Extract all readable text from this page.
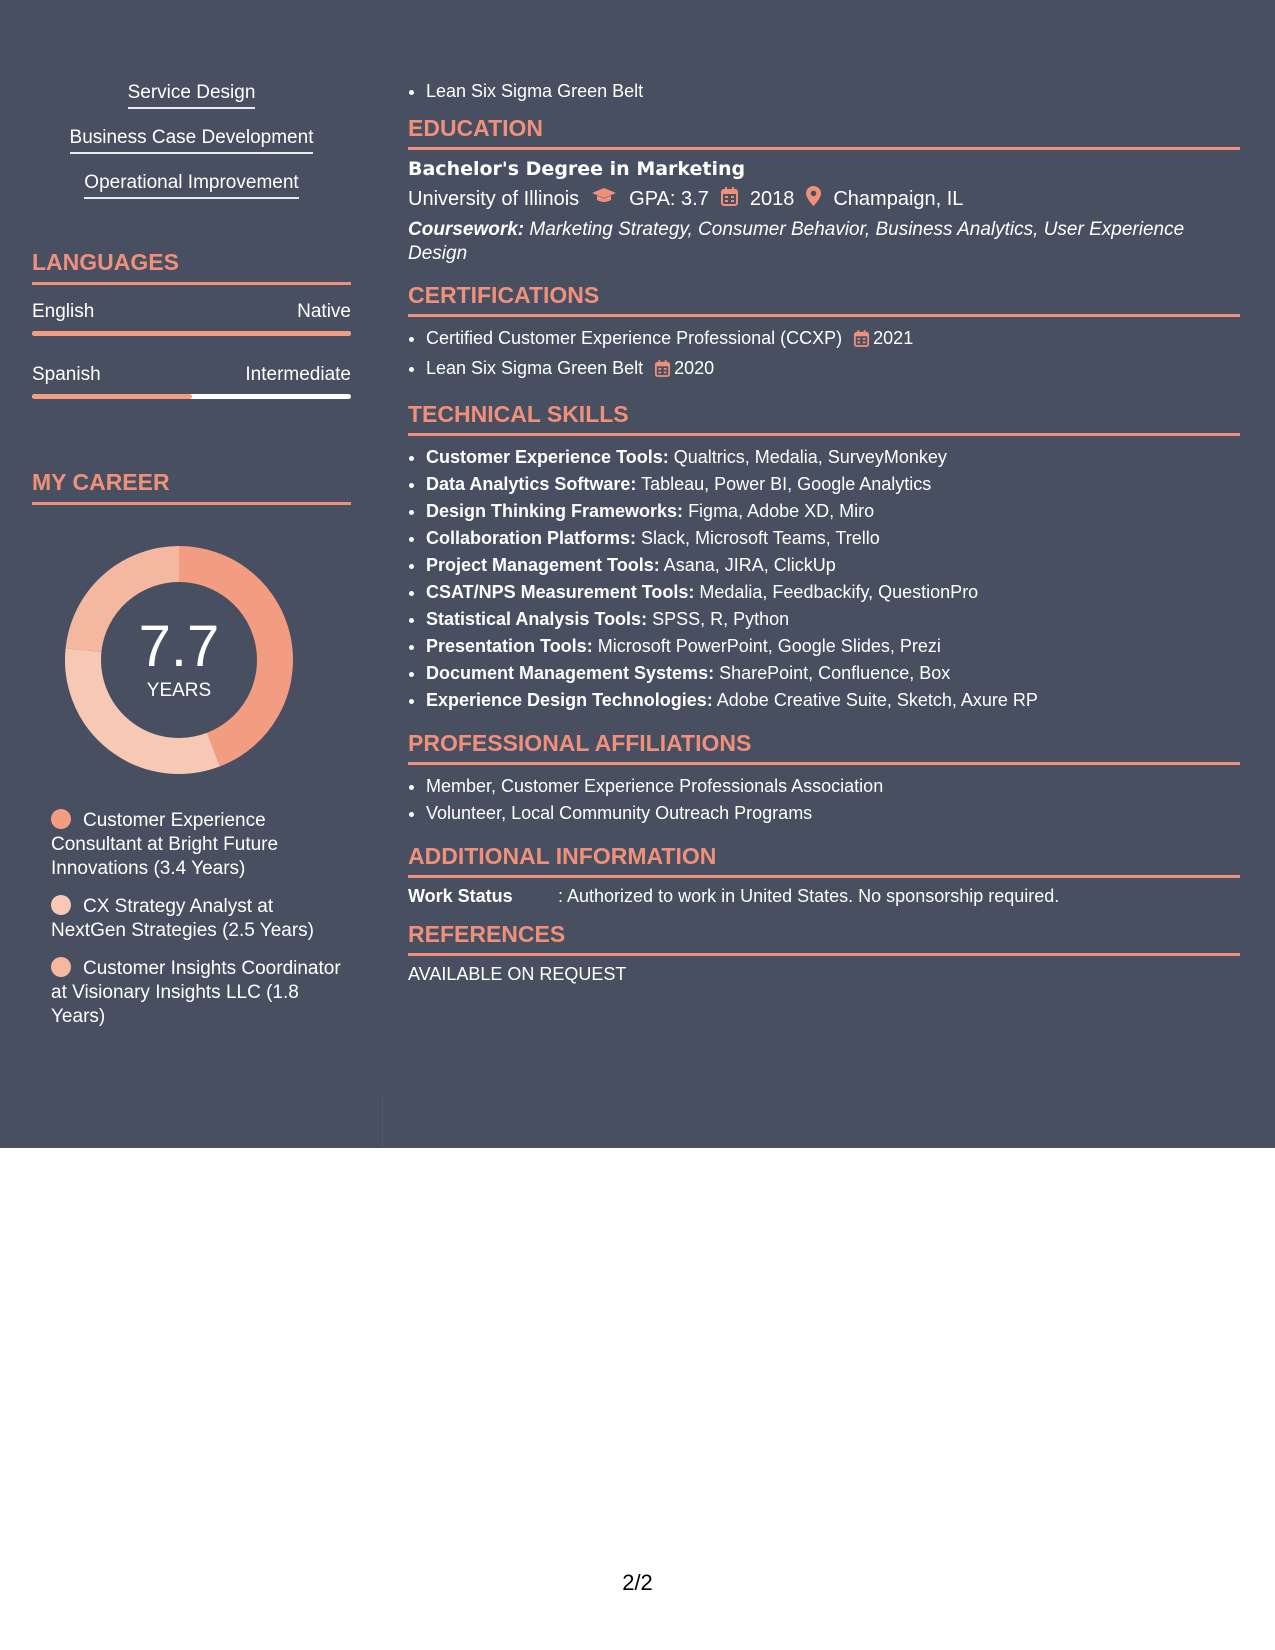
Service Design
Business Case Development
Operational Improvement
LANGUAGES
English	Native
Spanish	Intermediate
MY CAREER
7.7
YEARS
Customer Experience Consultant at Bright Future Innovations (3.4 Years)
CX Strategy Analyst at NextGen Strategies (2.5 Years)
Customer Insights Coordinator at Visionary Insights LLC (1.8 Years)
• Lean Six Sigma Green Belt
EDUCATION
Bachelor's Degree in Marketing
University of Illinois	GPA: 3.7 2018 Champaign, IL
Coursework: Marketing Strategy, Consumer Behavior, Business Analytics, User Experience Design
CERTIFICATIONS
• Certified Customer Experience Professional (CCXP) 2021
• Lean Six Sigma Green Belt 2020
TECHNICAL SKILLS
• Customer Experience Tools: Qualtrics, Medalia, SurveyMonkey
• Data Analytics Software: Tableau, Power BI, Google Analytics
• Design Thinking Frameworks: Figma, Adobe XD, Miro
• Collaboration Platforms: Slack, Microsoft Teams, Trello
• Project Management Tools: Asana, JIRA, ClickUp
• CSAT/NPS Measurement Tools: Medalia, Feedbackify, QuestionPro
• Statistical Analysis Tools: SPSS, R, Python
• Presentation Tools: Microsoft PowerPoint, Google Slides, Prezi
• Document Management Systems: SharePoint, Confluence, Box
• Experience Design Technologies: Adobe Creative Suite, Sketch, Axure RP
PROFESSIONAL AFFILIATIONS
• Member, Customer Experience Professionals Association
• Volunteer, Local Community Outreach Programs
ADDITIONAL INFORMATION
Work Status	: Authorized to work in United States. No sponsorship required.
REFERENCES
AVAILABLE ON REQUEST
2/2
